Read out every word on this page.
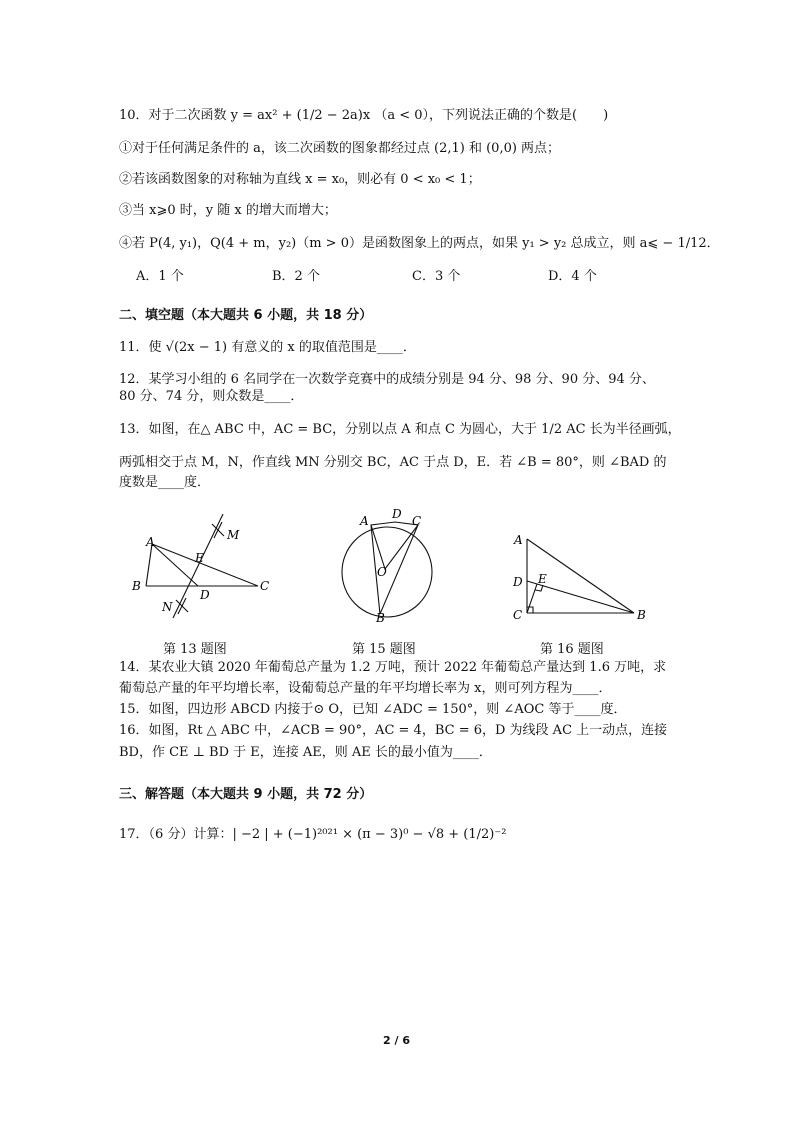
10．对于二次函数 y = ax² + (1/2 − 2a)x （a < 0），下列说法正确的个数是(　　)
①对于任何满足条件的 a，该二次函数的图象都经过点 (2,1) 和 (0,0) 两点；
②若该函数图象的对称轴为直线 x = x₀，则必有 0 < x₀ < 1；
③当 x⩾0 时，y 随 x 的增大而增大；
④若 P(4, y₁)，Q(4 + m，y₂)（m > 0）是函数图象上的两点，如果 y₁ > y₂ 总成立，则 a⩽ − 1/12．
A．1 个	B．2 个	C．3 个	D．4 个
二、填空题（本大题共 6 小题，共 18 分）
11．使 √(2x − 1) 有意义的 x 的取值范围是____．
12．某学习小组的 6 名同学在一次数学竞赛中的成绩分别是 94 分、98 分、90 分、94 分、
80 分、74 分，则众数是____．
13．如图，在△ ABC 中，AC = BC，分别以点 A 和点 C 为圆心，大于 1/2 AC 长为半径画弧，
两弧相交于点 M，N，作直线 MN 分别交 BC，AC 于点 D，E．若 ∠B = 80°，则 ∠BAD 的
度数是____度．
A
B	C
D
E
M
N
A D C
O
B
A
D E
C	B
第 13 题图	第 15 题图	第 16 题图
14．某农业大镇 2020 年葡萄总产量为 1.2 万吨，预计 2022 年葡萄总产量达到 1.6 万吨，求
葡萄总产量的年平均增长率，设葡萄总产量的年平均增长率为 x，则可列方程为____．
15．如图，四边形 ABCD 内接于⊙ O，已知 ∠ADC = 150°，则 ∠AOC 等于____度．
16．如图，Rt △ ABC 中，∠ACB = 90°，AC = 4，BC = 6，D 为线段 AC 上一动点，连接
BD，作 CE ⊥ BD 于 E，连接 AE，则 AE 长的最小值为____．
三、解答题（本大题共 9 小题，共 72 分）
17．（6 分）计算：| −2 | + (−1)²⁰²¹ × (π − 3)⁰ − √8 + (1/2)⁻²
2 / 6
